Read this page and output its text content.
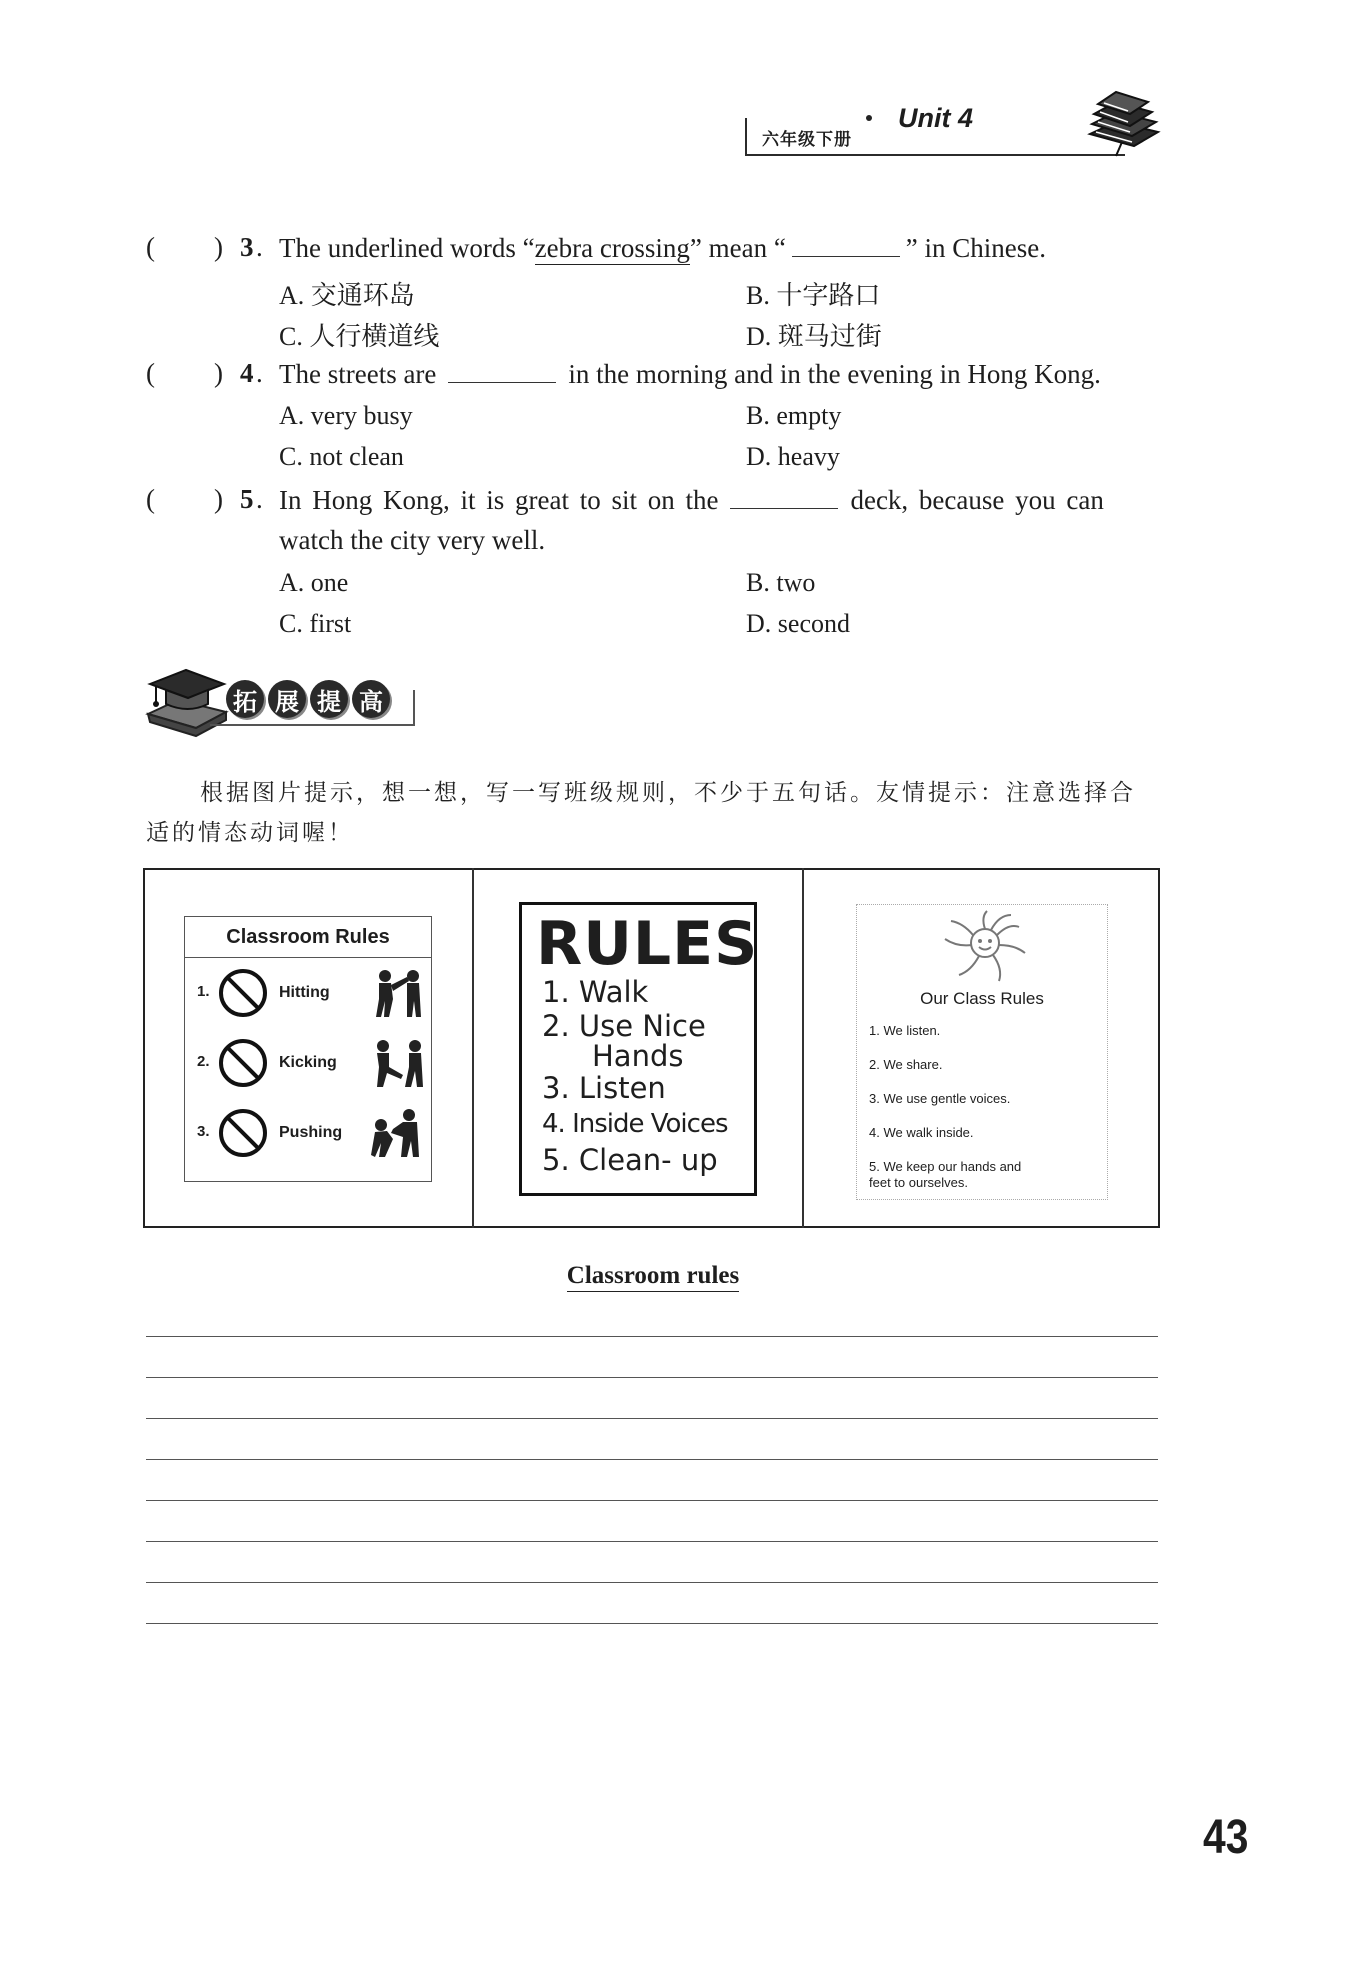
六年级下册
Unit 4
( ) 3 . The underlined words “zebra crossing” mean “	” in Chinese.
A. 交通环岛	B. 十字路口
C. 人行横道线	D. 斑马过街
( ) 4 . The streets are	in the morning and in the evening in Hong Kong.
A. very busy	B. empty
C. not clean	D. heavy
( ) 5 . In Hong Kong, it is great to sit on the	deck, because you can
watch the city very well.
A. one	B. two
C. first	D. second
拓 展 提 高
根据图片提示，想一想，写一写班级规则，不少于五句话。友情提示：注意选择合
适的情态动词喔！
Classroom Rules
1.	Hitting
2.	Kicking
3.	Pushing
RULES
1. Walk
2. Use Nice
Hands
3. Listen
4. Inside Voices
5. Clean- up
Our Class Rules
1. We listen.
2. We share.
3. We use gentle voices.
4. We walk inside.
5. We keep our hands and
feet to ourselves.
Classroom rules
43
